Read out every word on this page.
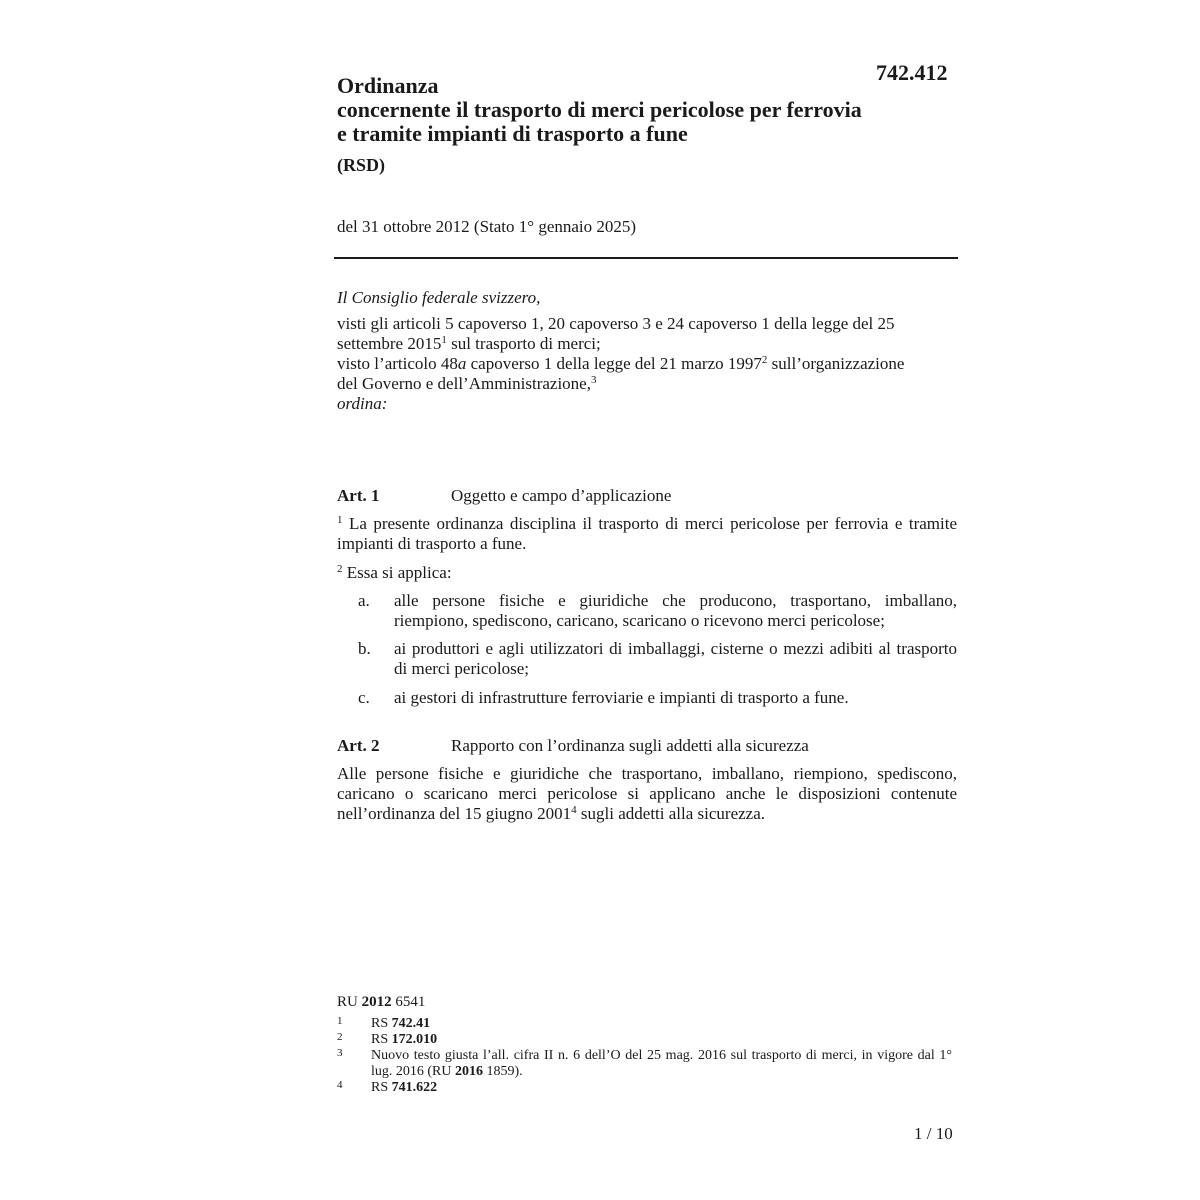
742.412
Ordinanza
concernente il trasporto di merci pericolose per ferrovia
e tramite impianti di trasporto a fune
(RSD)
del 31 ottobre 2012 (Stato 1° gennaio 2025)
Il Consiglio federale svizzero,
visti gli articoli 5 capoverso 1, 20 capoverso 3 e 24 capoverso 1 della legge del 25
settembre 2015$^1$ sul trasporto di merci;
visto l’articolo 48a capoverso 1 della legge del 21 marzo 1997$^2$ sull’organizzazione
del Governo e dell’Amministrazione,$^3$
ordina:
Art. 1	Oggetto e campo d’applicazione
$^1$ La presente ordinanza disciplina il trasporto di merci pericolose per ferrovia e tramite impianti di trasporto a fune.
$^2$ Essa si applica:
a. alle persone fisiche e giuridiche che producono, trasportano, imballano, riempiono, spediscono, caricano, scaricano o ricevono merci pericolose;
b. ai produttori e agli utilizzatori di imballaggi, cisterne o mezzi adibiti al trasporto di merci pericolose;
c. ai gestori di infrastrutture ferroviarie e impianti di trasporto a fune.
Art. 2	Rapporto con l’ordinanza sugli addetti alla sicurezza
Alle persone fisiche e giuridiche che trasportano, imballano, riempiono, spediscono, caricano o scaricano merci pericolose si applicano anche le disposizioni contenute nell’ordinanza del 15 giugno 2001$^4$ sugli addetti alla sicurezza.
RU 2012 6541
1 RS 742.41
2 RS 172.010
3 Nuovo testo giusta l’all. cifra II n. 6 dell’O del 25 mag. 2016 sul trasporto di merci, in vigore dal 1° lug. 2016 (RU 2016 1859).
4 RS 741.622
1 / 10
